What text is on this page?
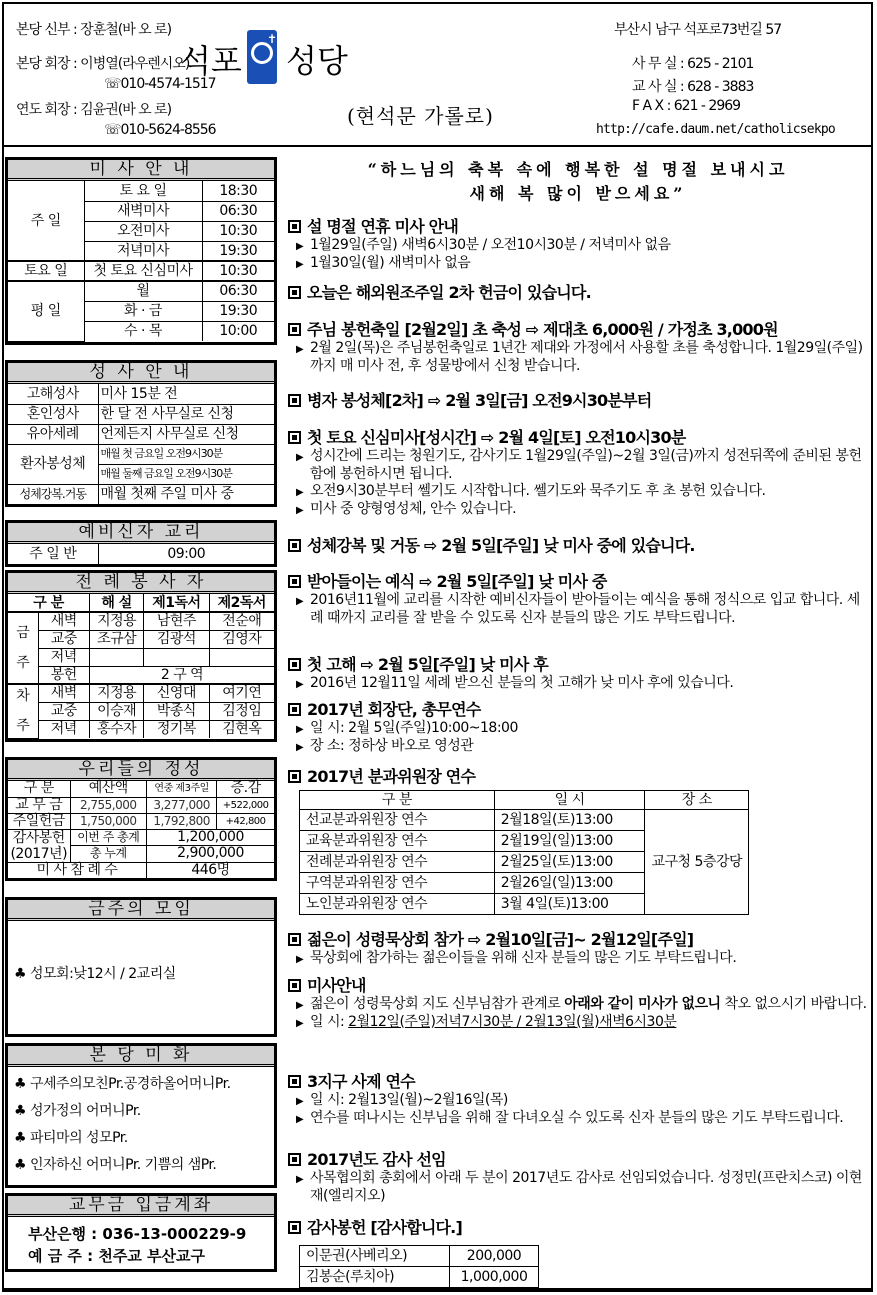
본당 신부 : 장훈철(바 오 로)
본당 회장 : 이병열(라우렌시오)
☏010-4574-1517
연도 회장 : 김윤권(바 오 로)
☏010-5624-8556
석포
✝
성당
(현석문 가롤로)
부산시 남구 석포로73번길 57
사 무 실 : 625 - 2101
교 사 실 : 628 - 3883
F A X : 621 - 2969
http://cafe.daum.net/catholicsekpo
미 사 안 내
주 일	토 요 일	18:30
	새벽미사	06:30
	오전미사	10:30
	저녁미사	19:30
토요 일	첫 토요 신심미사	10:30
평 일	월	06:30
	화 · 금	19:30
	수 · 목	10:00
성 사 안 내
고해성사	미사 15분 전
혼인성사	한 달 전 사무실로 신청
유아세례	언제든지 사무실로 신청
환자봉성체	매월 첫 금요일 오전9시30분
	매월 둘째 금요일 오전9시30분
성체강복.거동	매월 첫째 주일 미사 중
예비신자 교리
주 일 반	09:00
전 례 봉 사 자
구 분		해 설	제1독서	제2독서
금

주	새벽	지정용	남현주	전순애
	교중	조규삼	김광석	김영자
	저녁			
	봉헌	2 구 역		
차

주	새벽	지정용	신영대	여기연
	교중	이승재	박종식	김정임
	저녁	홍수자	정기복	김현옥
우리들의 정성
구 분	예산액	연중 제3주일	증.감
교 무 금	2,755,000	3,277,000	+522,000
주일헌금	1,750,000	1,792,800	+42,800
감사봉헌
(2017년)	이번 주 총계	1,200,000	
	총 누계	2,900,000	
미 사 참 례 수		446명	
금주의 모임
♣ 성모회:낮12시 / 2교리실
본 당 미 화
♣ 구세주의모친Pr.공경하올어머니Pr.
♣ 성가정의 어머니Pr.
♣ 파티마의 성모Pr.
♣ 인자하신 어머니Pr. 기쁨의 샘Pr.
교무금 입금계좌
부산은행 : 036-13-000229-9
예 금 주 : 천주교 부산교구
“하느님의 축복 속에 행복한 설 명절 보내시고
새해 복 많이 받으세요”
설 명절 연휴 미사 안내
▶ 1월29일(주일) 새벽6시30분 / 오전10시30분 / 저녁미사 없음
▶ 1월30일(월) 새벽미사 없음
오늘은 해외원조주일 2차 헌금이 있습니다.
주님 봉헌축일 [2월2일] 초 축성 ⇨ 제대초 6,000원 / 가정초 3,000원
▶ 2월 2일(목)은 주님봉헌축일로 1년간 제대와 가정에서 사용할 초를 축성합니다. 1월29일(주일)까지 매 미사 전, 후 성물방에서 신청 받습니다.
병자 봉성체[2차] ⇨ 2월 3일[금] 오전9시30분부터
첫 토요 신심미사[성시간] ⇨ 2월 4일[토] 오전10시30분
▶ 성시간에 드리는 청원기도, 감사기도 1월29일(주일)~2월 3일(금)까지 성전뒤쪽에 준비된 봉헌함에 봉헌하시면 됩니다.
▶ 오전9시30분부터 쎌기도 시작합니다. 쎌기도와 묵주기도 후 초 봉헌 있습니다.
▶ 미사 중 양형영성체, 안수 있습니다.
성체강복 및 거동 ⇨ 2월 5일[주일] 낮 미사 중에 있습니다.
받아들이는 예식 ⇨ 2월 5일[주일] 낮 미사 중
▶ 2016년11월에 교리를 시작한 예비신자들이 받아들이는 예식을 통해 정식으로 입교 합니다. 세례 때까지 교리를 잘 받을 수 있도록 신자 분들의 많은 기도 부탁드립니다.
첫 고해 ⇨ 2월 5일[주일] 낮 미사 후
▶ 2016년 12월11일 세례 받으신 분들의 첫 고해가 낮 미사 후에 있습니다.
2017년 회장단, 총무연수
▶ 일 시: 2월 5일(주일)10:00~18:00
▶ 장 소: 정하상 바오로 영성관
2017년 분과위원장 연수
구 분	일 시	장 소
선교분과위원장 연수	2월18일(토)13:00	교구청 5층강당
교육분과위원장 연수	2월19일(일)13:00	
전례분과위원장 연수	2월25일(토)13:00	
구역분과위원장 연수	2월26일(일)13:00	
노인분과위원장 연수	3월 4일(토)13:00	
젊은이 성령묵상회 참가 ⇨ 2월10일[금]~ 2월12일[주일]
▶ 묵상회에 참가하는 젊은이들을 위해 신자 분들의 많은 기도 부탁드립니다.
미사안내
▶ 젊은이 성령묵상회 지도 신부님참가 관계로 아래와 같이 미사가 없으니 착오 없으시기 바랍니다.
▶ 일 시: 2월12일(주일)저녁7시30분 / 2월13일(월)새벽6시30분
3지구 사제 연수
▶ 일 시: 2월13일(월)~2월16일(목)
▶ 연수를 떠나시는 신부님을 위해 잘 다녀오실 수 있도록 신자 분들의 많은 기도 부탁드립니다.
2017년도 감사 선임
▶ 사목협의회 총회에서 아래 두 분이 2017년도 감사로 선임되었습니다. 성정민(프란치스코) 이현재(엘리지오)
감사봉헌 [감사합니다.]
이문권(사베리오)	200,000
김봉순(루치아)	1,000,000
